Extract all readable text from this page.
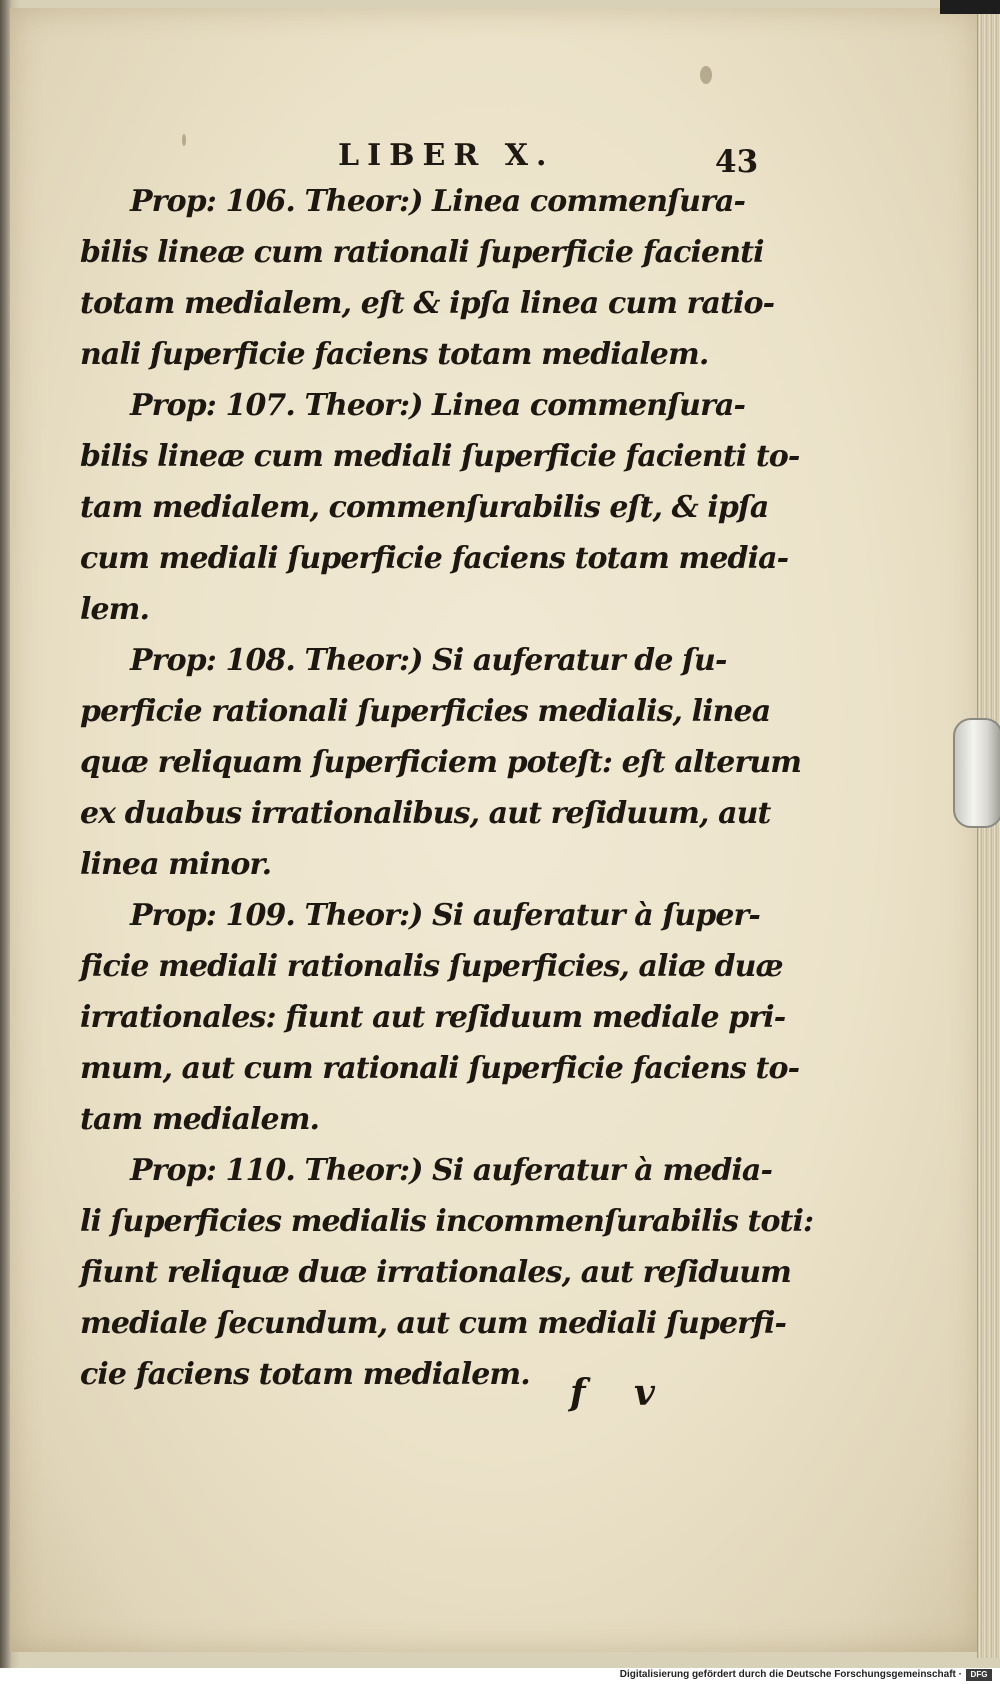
LIBER X.	43
Prop: 106. Theor:) Linea commenſura-
bilis lineæ cum rationali ſuperficie facienti
totam medialem, eſt & ipſa linea cum ratio-
nali ſuperficie faciens totam medialem.
Prop: 107. Theor:) Linea commenſura-
bilis lineæ cum mediali ſuperficie facienti to-
tam medialem, commenſurabilis eſt, & ipſa
cum mediali ſuperficie faciens totam media-
lem.
Prop: 108. Theor:) Si auferatur de ſu-
perficie rationali ſuperficies medialis, linea
quæ reliquam ſuperficiem poteſt: eſt alterum
ex duabus irrationalibus, aut reſiduum, aut
linea minor.
Prop: 109. Theor:) Si auferatur à ſuper-
ficie mediali rationalis ſuperficies, aliæ duæ
irrationales: fiunt aut reſiduum mediale pri-
mum, aut cum rationali ſuperficie faciens to-
tam medialem.
Prop: 110. Theor:) Si auferatur à media-
li ſuperficies medialis incommenſurabilis toti:
fiunt reliquæ duæ irrationales, aut reſiduum
mediale ſecundum, aut cum mediali ſuperfi-
cie faciens totam medialem.	f v
Digitalisierung gefördert durch die Deutsche Forschungsgemeinschaft ·	DFG
